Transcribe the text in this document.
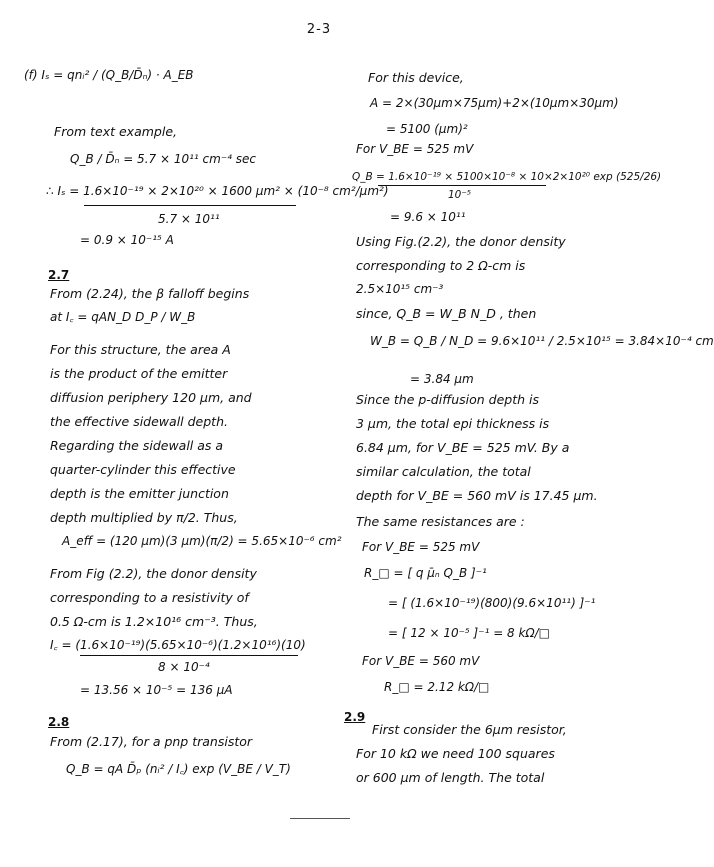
2-3
(f) Iₛ = qnᵢ² / (Q_B/D̄ₙ) · A_EB
From text example,
Q_B / D̄ₙ = 5.7 × 10¹¹ cm⁻⁴ sec
∴ Iₛ = 1.6×10⁻¹⁹ × 2×10²⁰ × 1600 μm² × (10⁻⁸ cm²/μm²)
5.7 × 10¹¹
= 0.9 × 10⁻¹⁵ A
2.7
From (2.24), the β falloff begins
at I꜀ = qAN_D D_P / W_B
For this structure, the area A
is the product of the emitter
diffusion periphery 120 μm, and
the effective sidewall depth.
Regarding the sidewall as a
quarter-cylinder this effective
depth is the emitter junction
depth multiplied by π/2. Thus,
A_eff = (120 μm)(3 μm)(π/2) = 5.65×10⁻⁶ cm²
From Fig (2.2), the donor density
corresponding to a resistivity of
0.5 Ω-cm is 1.2×10¹⁶ cm⁻³. Thus,
I꜀ = (1.6×10⁻¹⁹)(5.65×10⁻⁶)(1.2×10¹⁶)(10)
8 × 10⁻⁴
= 13.56 × 10⁻⁵ = 136 μA
2.8
From (2.17), for a pnp transistor
Q_B = qA D̄ₚ (nᵢ² / I꜀) exp (V_BE / V_T)
For this device,
A = 2×(30μm×75μm)+2×(10μm×30μm)
= 5100 (μm)²
For V_BE = 525 mV
Q_B = 1.6×10⁻¹⁹ × 5100×10⁻⁸ × 10×2×10²⁰ exp (525/26)
10⁻⁵
= 9.6 × 10¹¹
Using Fig.(2.2), the donor density
corresponding to 2 Ω-cm is
2.5×10¹⁵ cm⁻³
since, Q_B = W_B N_D , then
W_B = Q_B / N_D = 9.6×10¹¹ / 2.5×10¹⁵ = 3.84×10⁻⁴ cm
= 3.84 μm
Since the p-diffusion depth is
3 μm, the total epi thickness is
6.84 μm, for V_BE = 525 mV. By a
similar calculation, the total
depth for V_BE = 560 mV is 17.45 μm.
The same resistances are :
For V_BE = 525 mV
R_□ = [ q μ̄ₙ Q_B ]⁻¹
= [ (1.6×10⁻¹⁹)(800)(9.6×10¹¹) ]⁻¹
= [ 12 × 10⁻⁵ ]⁻¹ = 8 kΩ/□
For V_BE = 560 mV
R_□ = 2.12 kΩ/□
2.9
First consider the 6μm resistor,
For 10 kΩ we need 100 squares
or 600 μm of length. The total
